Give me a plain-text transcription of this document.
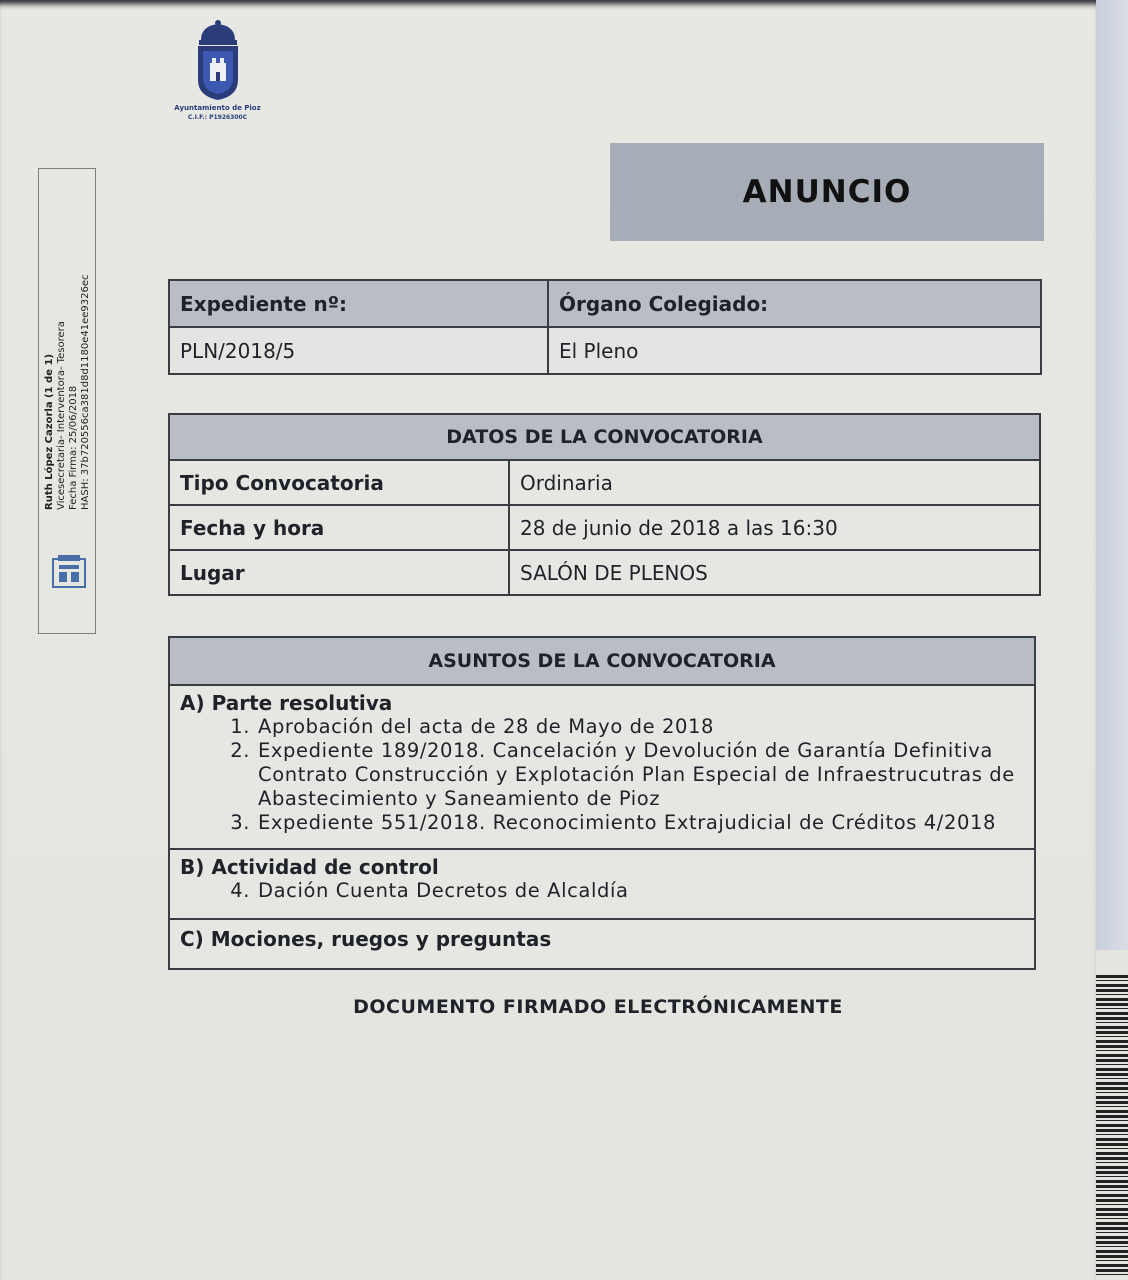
Ayuntamiento de Pioz
C.I.F.: P1926300C
Ruth López Cazorla (1 de 1) Vicesecretaria- Interventora- Tesorera Fecha Firma: 25/06/2018 HASH: 37b720556ca381d8d1180e41ee9326ec
ANUNCIO
Expediente nº:	Órgano Colegiado:
PLN/2018/5	El Pleno
DATOS DE LA CONVOCATORIA	
Tipo Convocatoria	Ordinaria
Fecha y hora	28 de junio de 2018 a las 16:30
Lugar	SALÓN DE PLENOS
ASUNTOS DE LA CONVOCATORIA

A) Parte resolutiva
1. Aprobación del acta de 28 de Mayo de 2018
2. Expediente 189/2018. Cancelación y Devolución de Garantía Definitiva Contrato Construcción y Explotación Plan Especial de Infraestrucutras de Abastecimiento y Saneamiento de Pioz
3. Expediente 551/2018. Reconocimiento Extrajudicial de Créditos 4/2018

B) Actividad de control
4. Dación Cuenta Decretos de Alcaldía

C) Mociones, ruegos y preguntas
DOCUMENTO FIRMADO ELECTRÓNICAMENTE
